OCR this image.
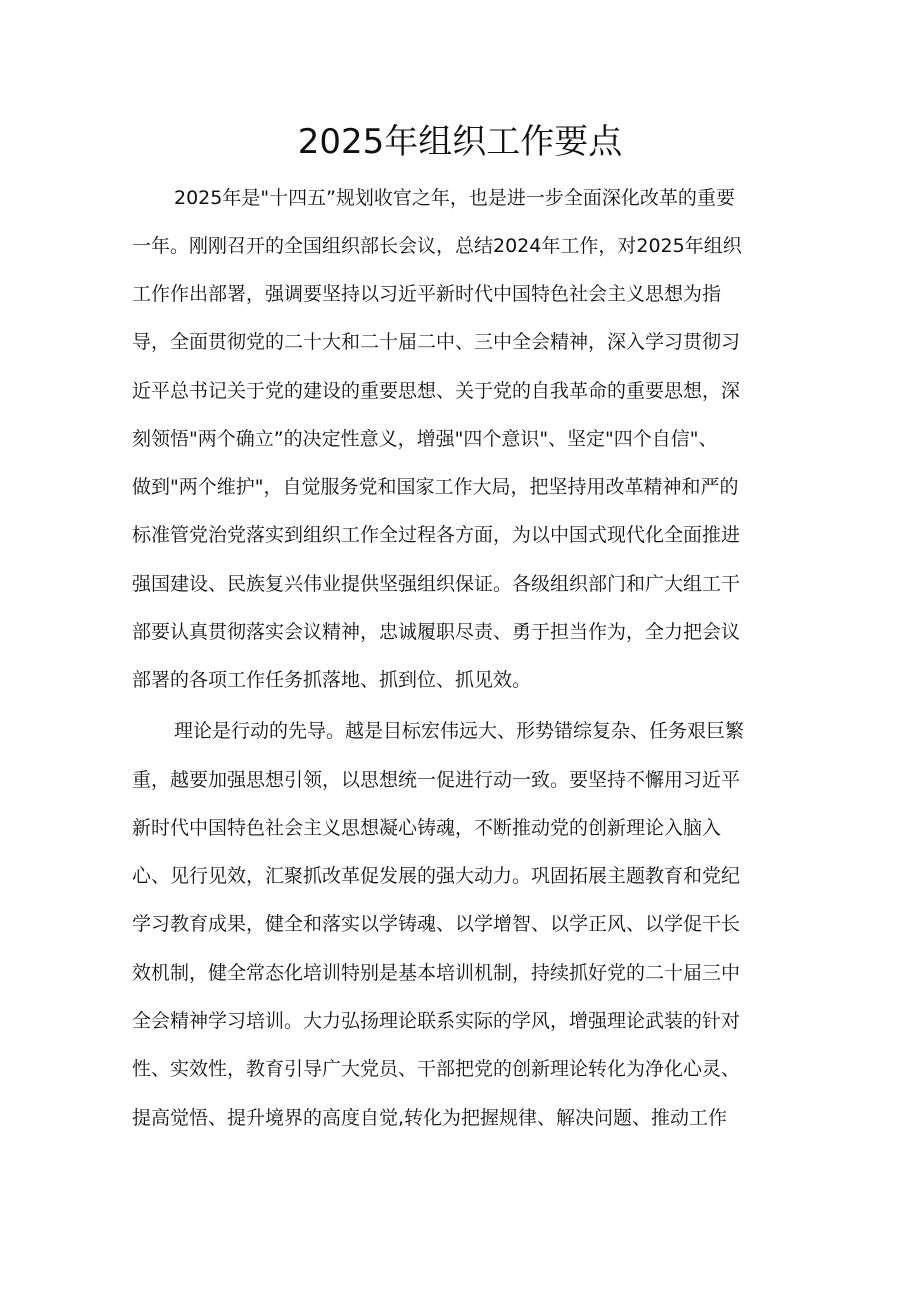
2025年组织工作要点

2025年是"十四五”规划收官之年，也是进一步全面深化改革的重要

一年。刚刚召开的全国组织部长会议，总结2024年工作，对2025年组织

工作作出部署，强调要坚持以习近平新时代中国特色社会主义思想为指

导，全面贯彻党的二十大和二十届二中、三中全会精神，深入学习贯彻习

近平总书记关于党的建设的重要思想、关于党的自我革命的重要思想，深

刻领悟"两个确立”的决定性意义，增强"四个意识"、坚定"四个自信"、

做到"两个维护"，自觉服务党和国家工作大局，把坚持用改革精神和严的

标准管党治党落实到组织工作全过程各方面，为以中国式现代化全面推进

强国建设、民族复兴伟业提供坚强组织保证。各级组织部门和广大组工干

部要认真贯彻落实会议精神，忠诚履职尽责、勇于担当作为，全力把会议

部署的各项工作任务抓落地、抓到位、抓见效。

理论是行动的先导。越是目标宏伟远大、形势错综复杂、任务艰巨繁

重，越要加强思想引领，以思想统一促进行动一致。要坚持不懈用习近平

新时代中国特色社会主义思想凝心铸魂，不断推动党的创新理论入脑入

心、见行见效，汇聚抓改革促发展的强大动力。巩固拓展主题教育和党纪

学习教育成果，健全和落实以学铸魂、以学增智、以学正风、以学促干长

效机制，健全常态化培训特别是基本培训机制，持续抓好党的二十届三中

全会精神学习培训。大力弘扬理论联系实际的学风，增强理论武装的针对

性、实效性，教育引导广大党员、干部把党的创新理论转化为净化心灵、

提高觉悟、提升境界的高度自觉,转化为把握规律、解决问题、推动工作
